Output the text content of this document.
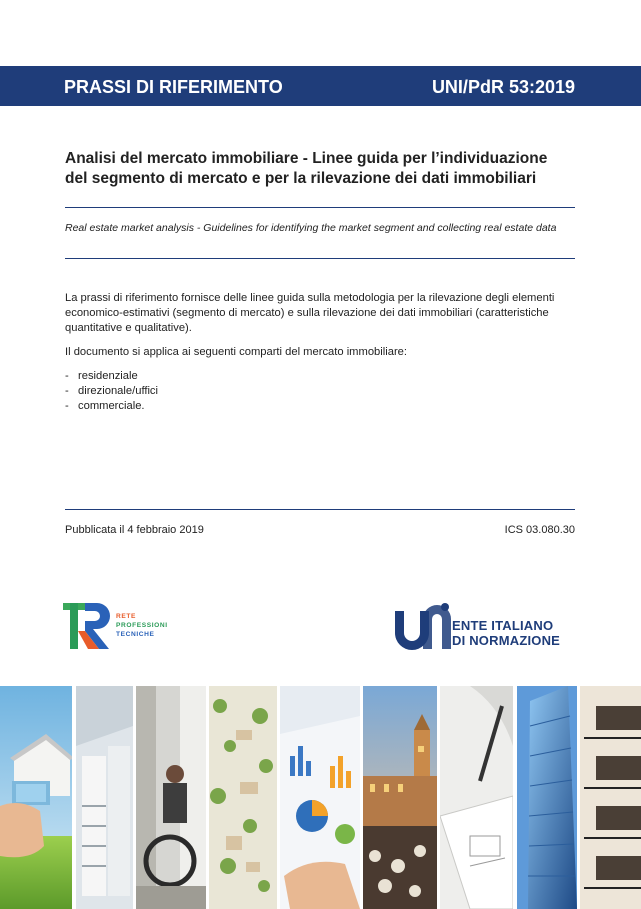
PRASSI DI RIFERIMENTO	UNI/PdR 53:2019
Analisi del mercato immobiliare - Linee guida per l’individuazione
del segmento di mercato e per la rilevazione dei dati immobiliari
Real estate market analysis - Guidelines for identifying the market segment and collecting real estate data

La prassi di riferimento fornisce delle linee guida sulla metodologia per la rilevazione degli elementi economico-estimativi (segmento di mercato) e sulla rilevazione dei dati immobiliari (caratteristiche quantitative e qualitative).

Il documento si applica ai seguenti comparti del mercato immobiliare:

- residenziale
- direzionale/uffici
- commerciale.
Pubblicata il 4 febbraio 2019	ICS 03.080.30
RETE
PROFESSIONI
TECNICHE
ENTE ITALIANO
DI NORMAZIONE
